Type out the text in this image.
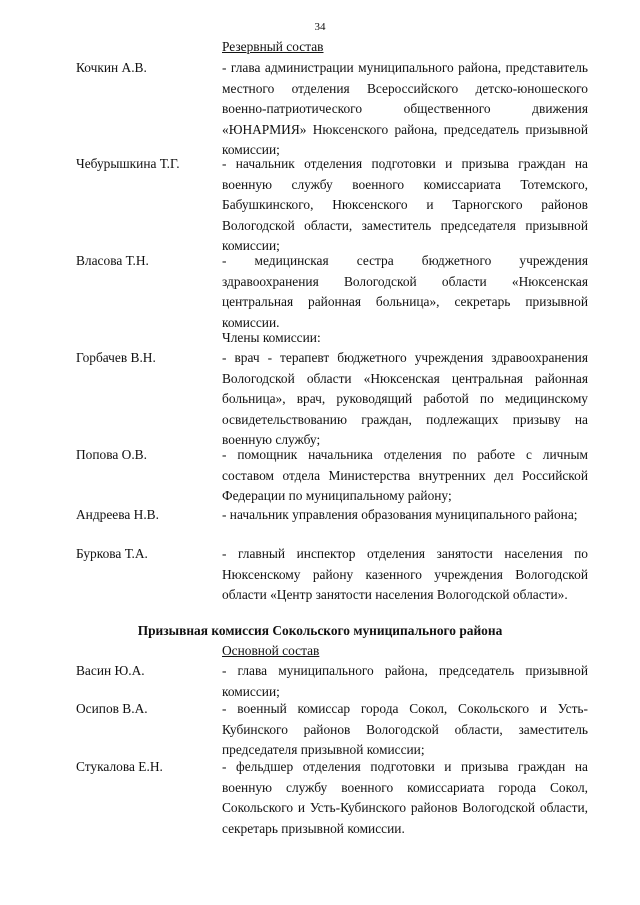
34
Резервный состав
Кочкин А.В.	- глава администрации муниципального района, представитель местного отделения Всероссийского детско-юношеского военно-патриотического общественного движения «ЮНАРМИЯ» Нюксенского района, председатель призывной комиссии;
Чебурышкина Т.Г.	- начальник отделения подготовки и призыва граждан на военную службу военного комиссариата Тотемского, Бабушкинского, Нюксенского и Тарногского районов Вологодской области, заместитель председателя призывной комиссии;
Власова Т.Н.	- медицинская сестра бюджетного учреждения здравоохранения Вологодской области «Нюксенская центральная районная больница», секретарь призывной комиссии.
Члены комиссии:
Горбачев В.Н.	- врач - терапевт бюджетного учреждения здравоохранения Вологодской области «Нюксенская центральная районная больница», врач, руководящий работой по медицинскому освидетельствованию граждан, подлежащих призыву на военную службу;
Попова О.В.	- помощник начальника отделения по работе с личным составом отдела Министерства внутренних дел Российской Федерации по муниципальному району;
Андреева Н.В.	- начальник управления образования муниципального района;
Буркова Т.А.	- главный инспектор отделения занятости населения по Нюксенскому району казенного учреждения Вологодской области «Центр занятости населения Вологодской области».
Призывная комиссия Сокольского муниципального района
Основной состав
Васин Ю.А.	- глава муниципального района, председатель призывной комиссии;
Осипов В.А.	- военный комиссар города Сокол, Сокольского и Усть-Кубинского районов Вологодской области, заместитель председателя призывной комиссии;
Стукалова Е.Н.	- фельдшер отделения подготовки и призыва граждан на военную службу военного комиссариата города Сокол, Сокольского и Усть-Кубинского районов Вологодской области, секретарь призывной комиссии.
